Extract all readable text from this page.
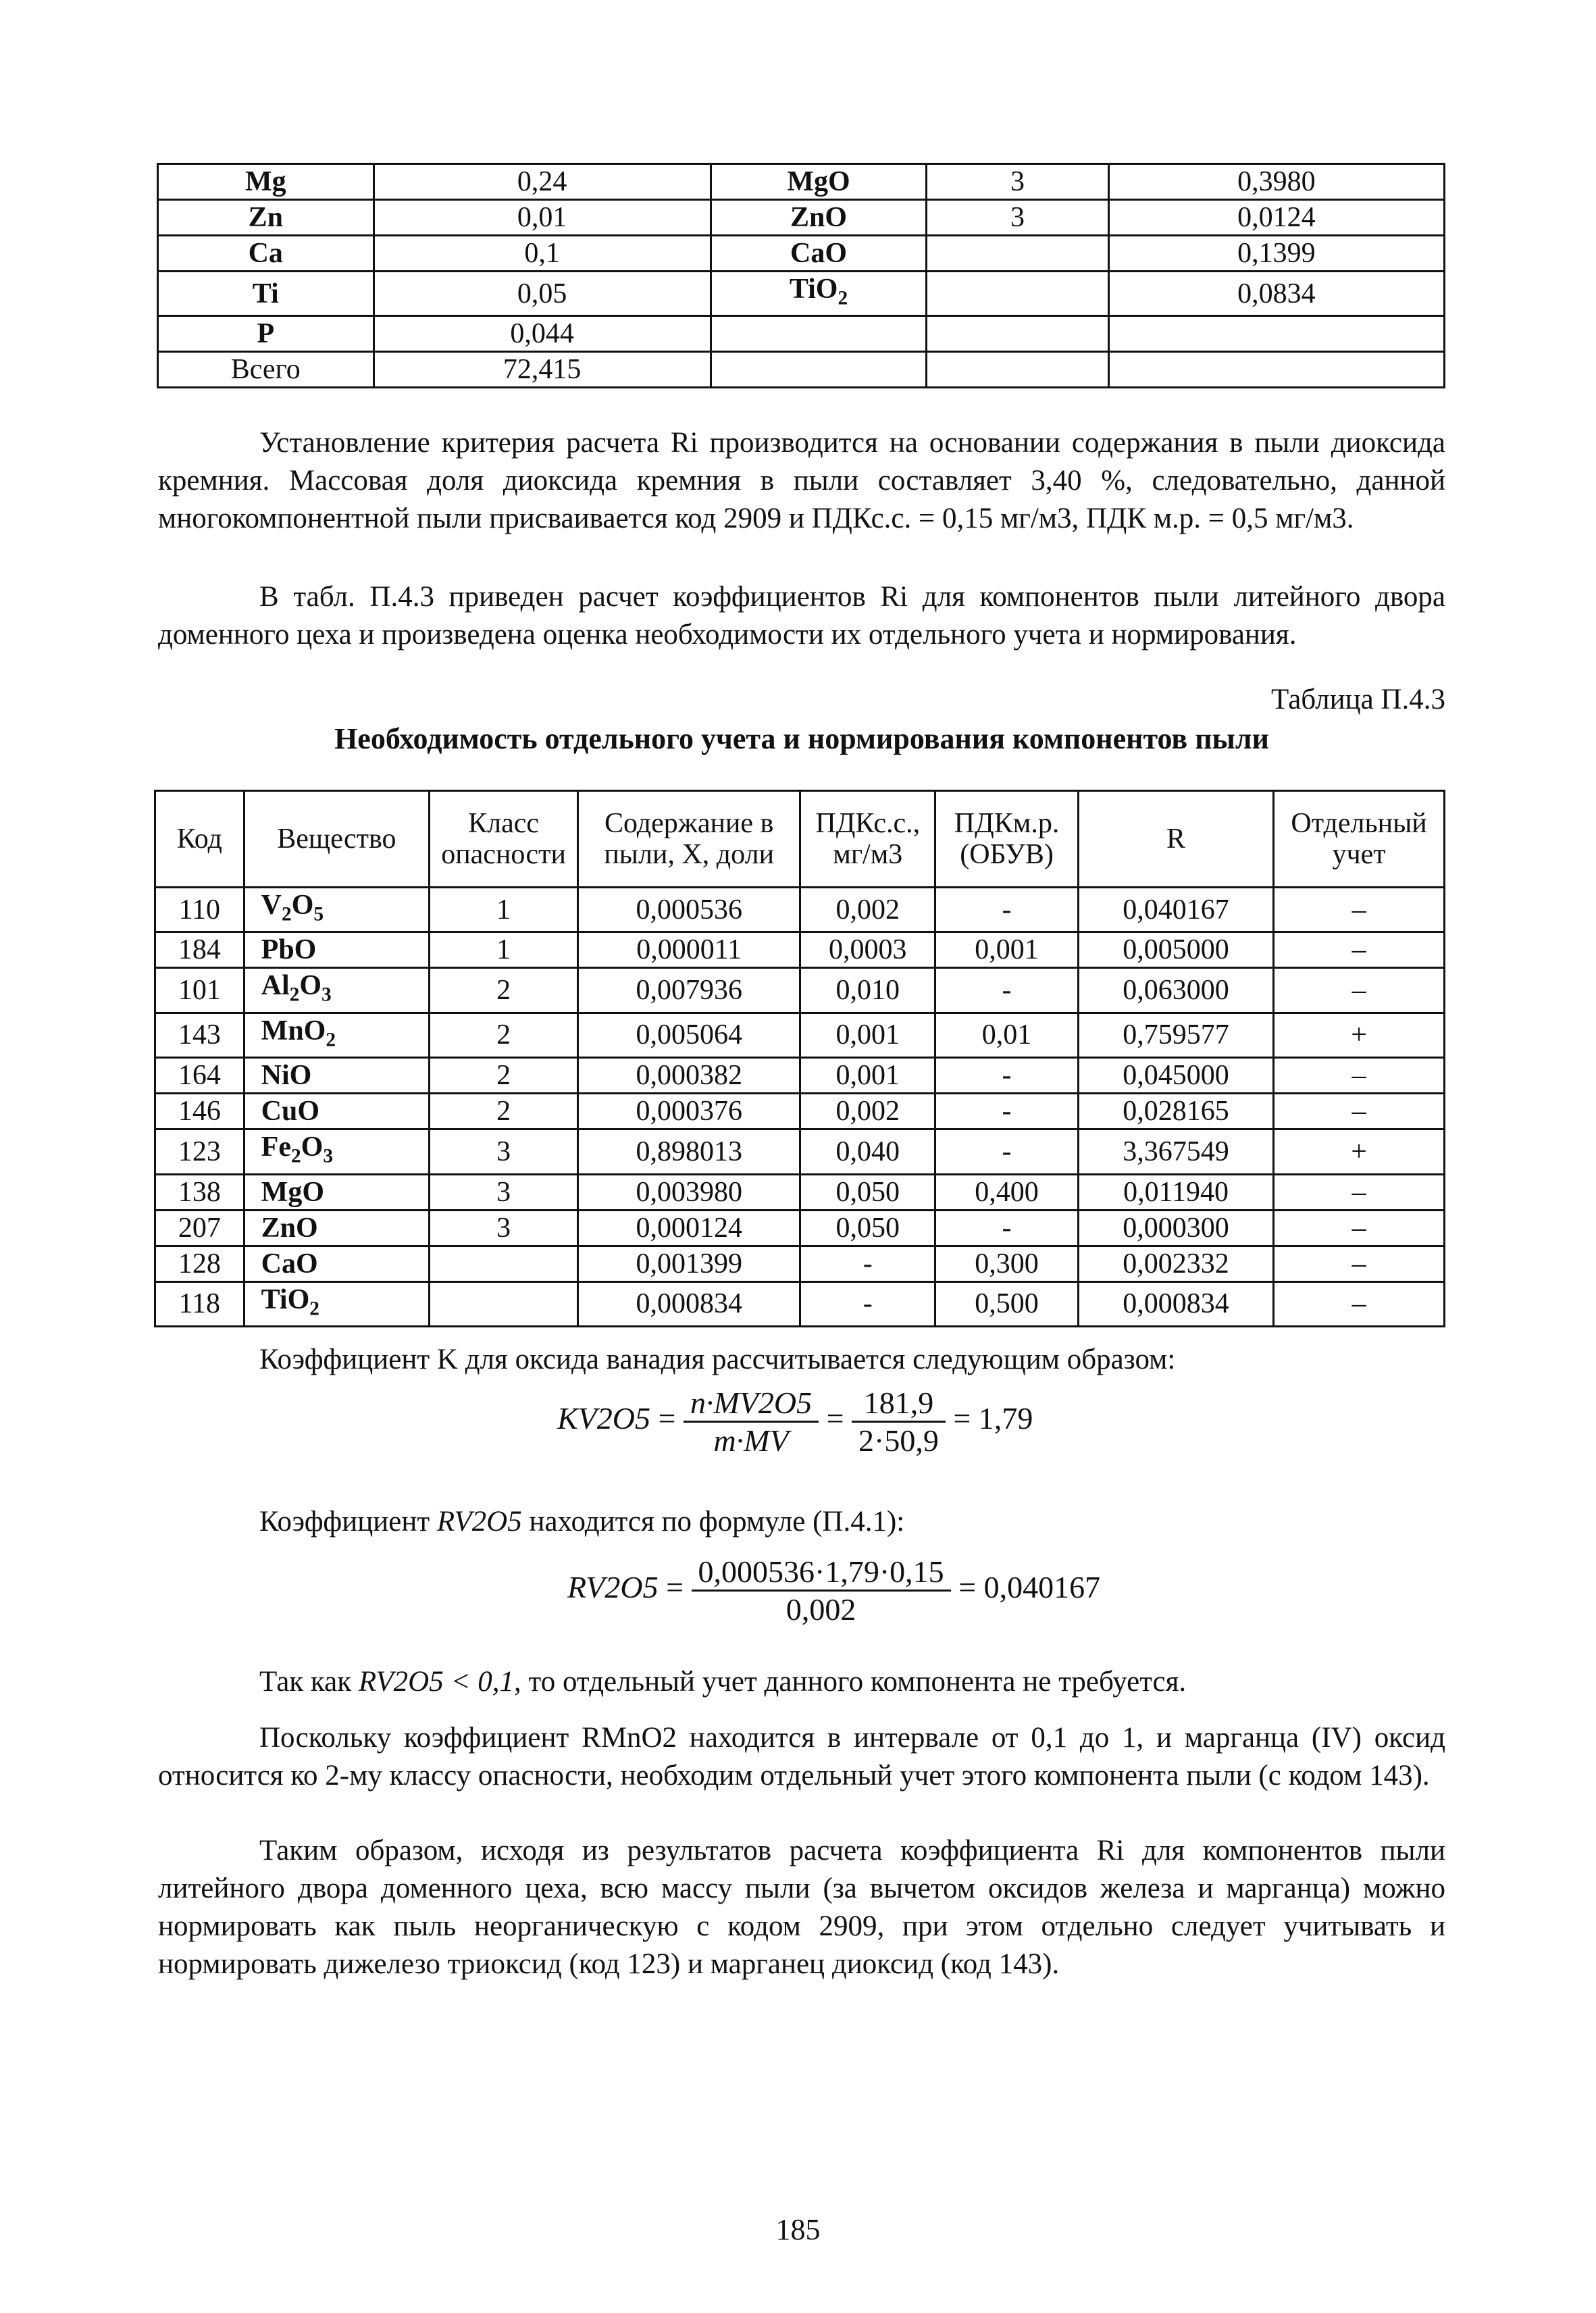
Mg	0,24	MgO	3	0,3980
Zn	0,01	ZnO	3	0,0124
Ca	0,1	CaO		0,1399
Ti	0,05	TiO$_2$		0,0834
P	0,044			
Всего	72,415			
Установление критерия расчета Ri производится на основании содержания в пыли диоксида кремния. Массовая доля диоксида кремния в пыли составляет 3,40 %, следовательно, данной многокомпонентной пыли присваивается код 2909 и ПДКс.с. = 0,15 мг/м3, ПДК м.р. = 0,5 мг/м3.
В табл. П.4.3 приведен расчет коэффициентов Ri для компонентов пыли литейного двора доменного цеха и произведена оценка необходимости их отдельного учета и нормирования.
Таблица П.4.3
Необходимость отдельного учета и нормирования компонентов пыли
Код	Вещество	Класс опасности	Содержание в пыли, X, доли	ПДКс.с., мг/м3	ПДКм.р. (ОБУВ)	R	Отдельный учет
110	$V_2O_5$	1	0,000536	0,002	-	0,040167	–
184	PbO	1	0,000011	0,0003	0,001	0,005000	–
101	$Al_2O_3$	2	0,007936	0,010	-	0,063000	–
143	MnO$_2$	2	0,005064	0,001	0,01	0,759577	+
164	NiO	2	0,000382	0,001	-	0,045000	–
146	CuO	2	0,000376	0,002	-	0,028165	–
123	$Fe_2O_3$	3	0,898013	0,040	-	3,367549	+
138	MgO	3	0,003980	0,050	0,400	0,011940	–
207	ZnO	3	0,000124	0,050	-	0,000300	–
128	CaO		0,001399	-	0,300	0,002332	–
118	TiO$_2$		0,000834	-	0,500	0,000834	–
Коэффициент K для оксида ванадия рассчитывается следующим образом:
$KV2O5 = \frac{n\cdot MV2O5}{m\cdot MV} = \frac{181,9}{2\cdot 50,9} = 1,79$
Коэффициент RV2O5 находится по формуле (П.4.1):
$RV2O5 = \frac{0,000536\cdot 1,79\cdot 0,15}{0,002} = 0,040167$
Так как RV2O5 < 0,1, то отдельный учет данного компонента не требуется.
Поскольку коэффициент RMnO2 находится в интервале от 0,1 до 1, и марганца (IV) оксид относится ко 2-му классу опасности, необходим отдельный учет этого компонента пыли (с кодом 143).
Таким образом, исходя из результатов расчета коэффициента Ri для компонентов пыли литейного двора доменного цеха, всю массу пыли (за вычетом оксидов железа и марганца) можно нормировать как пыль неорганическую с кодом 2909, при этом отдельно следует учитывать и нормировать дижелезо триоксид (код 123) и марганец диоксид (код 143).
185
